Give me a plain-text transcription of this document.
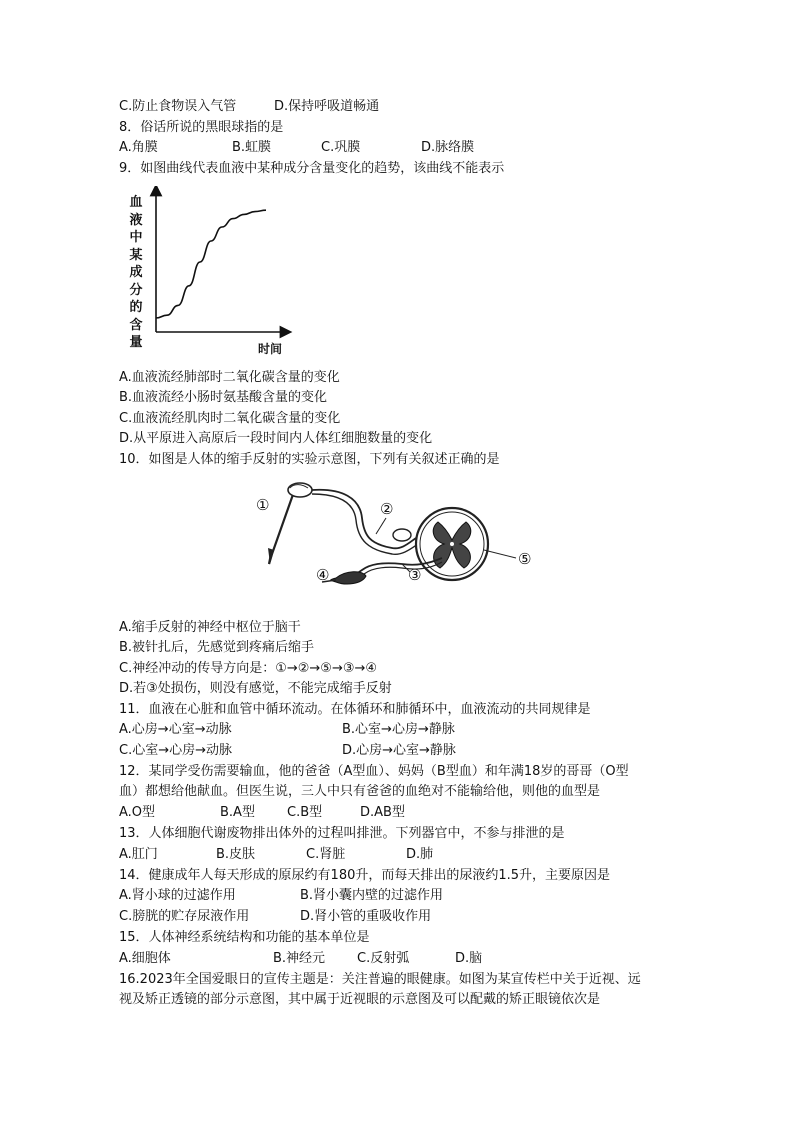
C.防止食物误入气管	D.保持呼吸道畅通
8．俗话所说的黑眼球指的是
A.角膜	B.虹膜	C.巩膜	D.脉络膜
9．如图曲线代表血液中某种成分含量变化的趋势，该曲线不能表示
血
液
中
某
成
分
的
含
量	时间
A.血液流经肺部时二氧化碳含量的变化
B.血液流经小肠时氨基酸含量的变化
C.血液流经肌肉时二氧化碳含量的变化
D.从平原进入高原后一段时间内人体红细胞数量的变化
10．如图是人体的缩手反射的实验示意图，下列有关叙述正确的是
①	②
③
④
⑤
A.缩手反射的神经中枢位于脑干
B.被针扎后，先感觉到疼痛后缩手
C.神经冲动的传导方向是：①→②→⑤→③→④
D.若③处损伤，则没有感觉，不能完成缩手反射
11．血液在心脏和血管中循环流动。在体循环和肺循环中，血液流动的共同规律是
A.心房→心室→动脉	B.心室→心房→静脉
C.心室→心房→动脉	D.心房→心室→静脉
12．某同学受伤需要输血，他的爸爸（A型血）、妈妈（B型血）和年满18岁的哥哥（O型
血）都想给他献血。但医生说，三人中只有爸爸的血绝对不能输给他，则他的血型是
A.O型	B.A型 C.B型	D.AB型
13．人体细胞代谢废物排出体外的过程叫排泄。下列器官中，不参与排泄的是
A.肛门	B.皮肤	C.肾脏	D.肺
14．健康成年人每天形成的原尿约有180升，而每天排出的尿液约1.5升，主要原因是
A.肾小球的过滤作用	B.肾小囊内壁的过滤作用
C.膀胱的贮存尿液作用	D.肾小管的重吸收作用
15．人体神经系统结构和功能的基本单位是
A.细胞体	B.神经元 C.反射弧	D.脑
16.2023年全国爱眼日的宣传主题是：关注普遍的眼健康。如图为某宣传栏中关于近视、远
视及矫正透镜的部分示意图，其中属于近视眼的示意图及可以配戴的矫正眼镜依次是
